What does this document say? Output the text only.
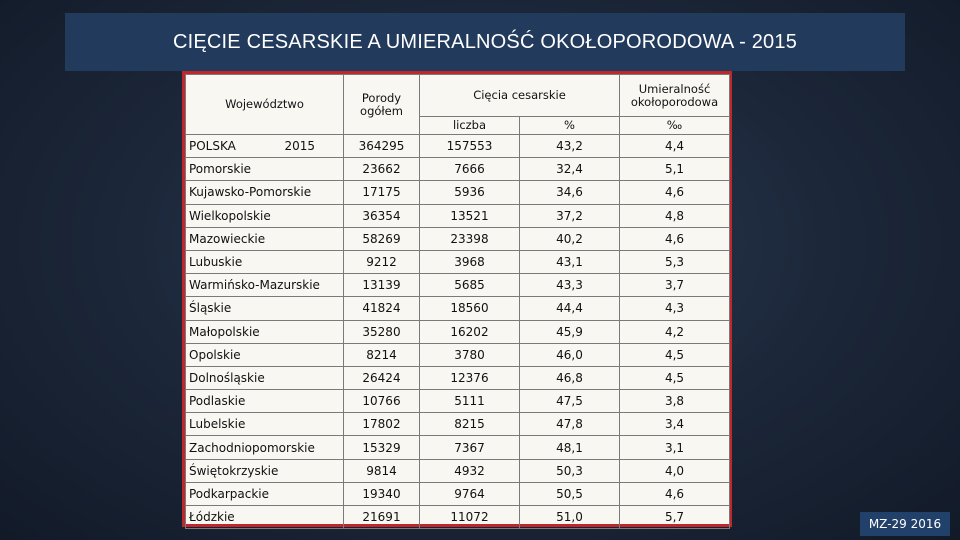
CIĘCIE CESARSKIE A UMIERALNOŚĆ OKOŁOPORODOWA - 2015
Województwo	Porody ogółem	Cięcia cesarskie		Umieralność okołoporodowa
		liczba	%	‰

POLSKA 2015	364295	157553	43,2	4,4
Pomorskie	23662	7666	32,4	5,1
Kujawsko-Pomorskie	17175	5936	34,6	4,6
Wielkopolskie	36354	13521	37,2	4,8
Mazowieckie	58269	23398	40,2	4,6
Lubuskie	9212	3968	43,1	5,3
Warmińsko-Mazurskie	13139	5685	43,3	3,7
Śląskie	41824	18560	44,4	4,3
Małopolskie	35280	16202	45,9	4,2
Opolskie	8214	3780	46,0	4,5
Dolnośląskie	26424	12376	46,8	4,5
Podlaskie	10766	5111	47,5	3,8
Lubelskie	17802	8215	47,8	3,4
Zachodniopomorskie	15329	7367	48,1	3,1
Świętokrzyskie	9814	4932	50,3	4,0
Podkarpackie	19340	9764	50,5	4,6
Łódzkie	21691	11072	51,0	5,7	MZ-29 2016
